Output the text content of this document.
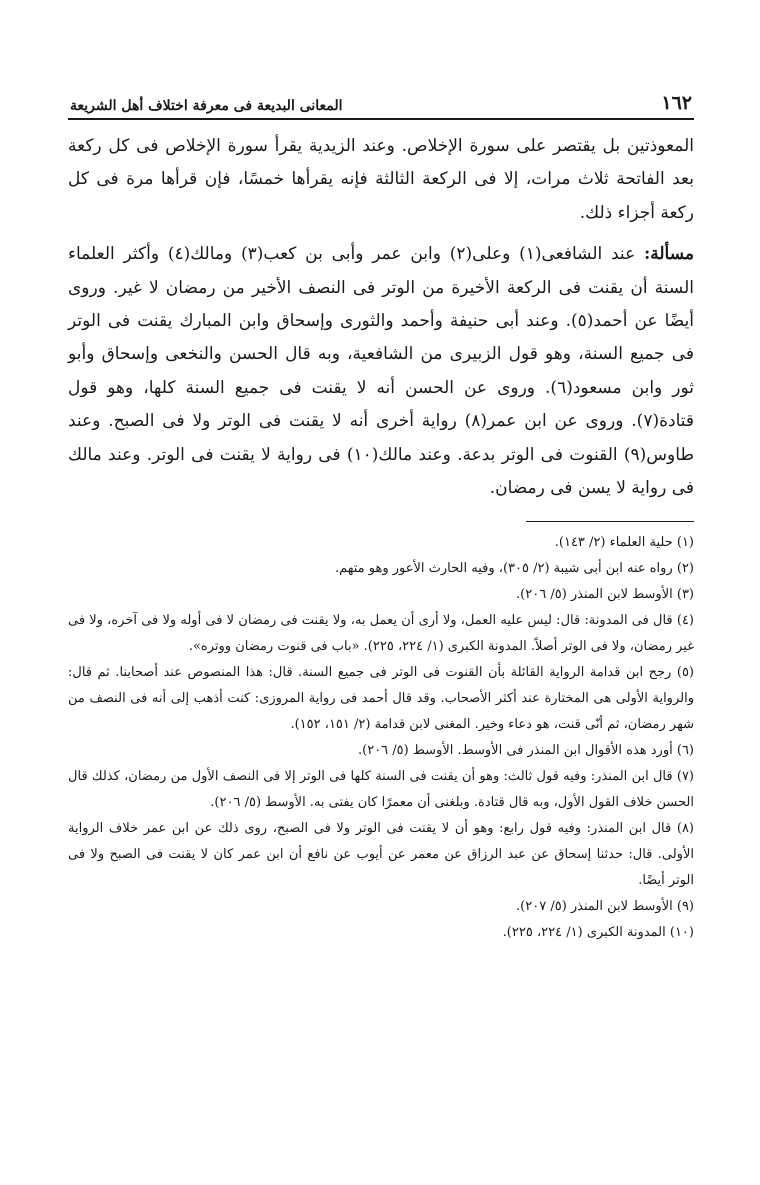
١٦٢
المعانى البديعة فى معرفة اختلاف أهل الشريعة

المعوذتين بل يقتصر على سورة الإخلاص. وعند الزيدية يقرأ سورة الإخلاص فى كل ركعة بعد الفاتحة ثلاث مرات، إلا فى الركعة الثالثة فإنه يقرأها خمسًا، فإن قرأها مرة فى كل ركعة أجزاء ذلك.

مسألة: عند الشافعى(١) وعلى(٢) وابن عمر وأبى بن كعب(٣) ومالك(٤) وأكثر العلماء السنة أن يقنت فى الركعة الأخيرة من الوتر فى النصف الأخير من رمضان لا غير. وروى أيضًا عن أحمد(٥). وعند أبى حنيفة وأحمد والثورى وإسحاق وابن المبارك يقنت فى الوتر فى جميع السنة، وهو قول الزبيرى من الشافعية، وبه قال الحسن والنخعى وإسحاق وأبو ثور وابن مسعود(٦). وروى عن الحسن أنه لا يقنت فى جميع السنة كلها، وهو قول قتادة(٧). وروى عن ابن عمر(٨) رواية أخرى أنه لا يقنت فى الوتر ولا فى الصبح. وعند طاوس(٩) القنوت فى الوتر بدعة. وعند مالك(١٠) فى رواية لا يقنت فى الوتر. وعند مالك فى رواية لا يسن فى رمضان.

(١) حلية العلماء (٢/ ١٤٣).
(٢) رواه عنه ابن أبى شيبة (٢/ ٣٠٥)، وفيه الحارث الأعور وهو متهم.
(٣) الأوسط لابن المنذر (٥/ ٢٠٦).
(٤) قال فى المدونة: قال: ليس عليه العمل، ولا أرى أن يعمل به، ولا يقنت فى رمضان لا فى أوله ولا فى آخره، ولا فى غير رمضان، ولا فى الوتر أصلاً. المدونة الكبرى (١/ ٢٢٤، ٢٢٥). «باب فى قنوت رمضان ووتره».
(٥) رجح ابن قدامة الرواية القائلة بأن القنوت فى الوتر فى جميع السنة. قال: هذا المنصوص عند أصحابنا. ثم قال: والرواية الأولى هى المختارة عند أكثر الأصحاب. وقد قال أحمد فى رواية المروزى: كنت أذهب إلى أنه فى النصف من شهر رمضان، ثم أنّى قنت، هو دعاء وخير. المغنى لابن قدامة (٢/ ١٥١، ١٥٢).
(٦) أورد هذه الأقوال ابن المنذر فى الأوسط. الأوسط (٥/ ٢٠٦).
(٧) قال ابن المنذر: وفيه قول ثالث: وهو أن يقنت فى السنة كلها فى الوتر إلا فى النصف الأول من رمضان، كذلك قال الحسن خلاف القول الأول، وبه قال قتادة. وبلغنى أن معمرًا كان يفتى به. الأوسط (٥/ ٢٠٦).
(٨) قال ابن المنذر: وفيه قول رابع: وهو أن لا يقنت فى الوتر ولا فى الصبح، روى ذلك عن ابن عمر خلاف الرواية الأولى. قال: حدثنا إسحاق عن عبد الرزاق عن معمر عن أيوب عن نافع أن ابن عمر كان لا يقنت فى الصبح ولا فى الوتر أيضًا.
(٩) الأوسط لابن المنذر (٥/ ٢٠٧).
(١٠) المدونة الكبرى (١/ ٢٢٤، ٢٢٥).
